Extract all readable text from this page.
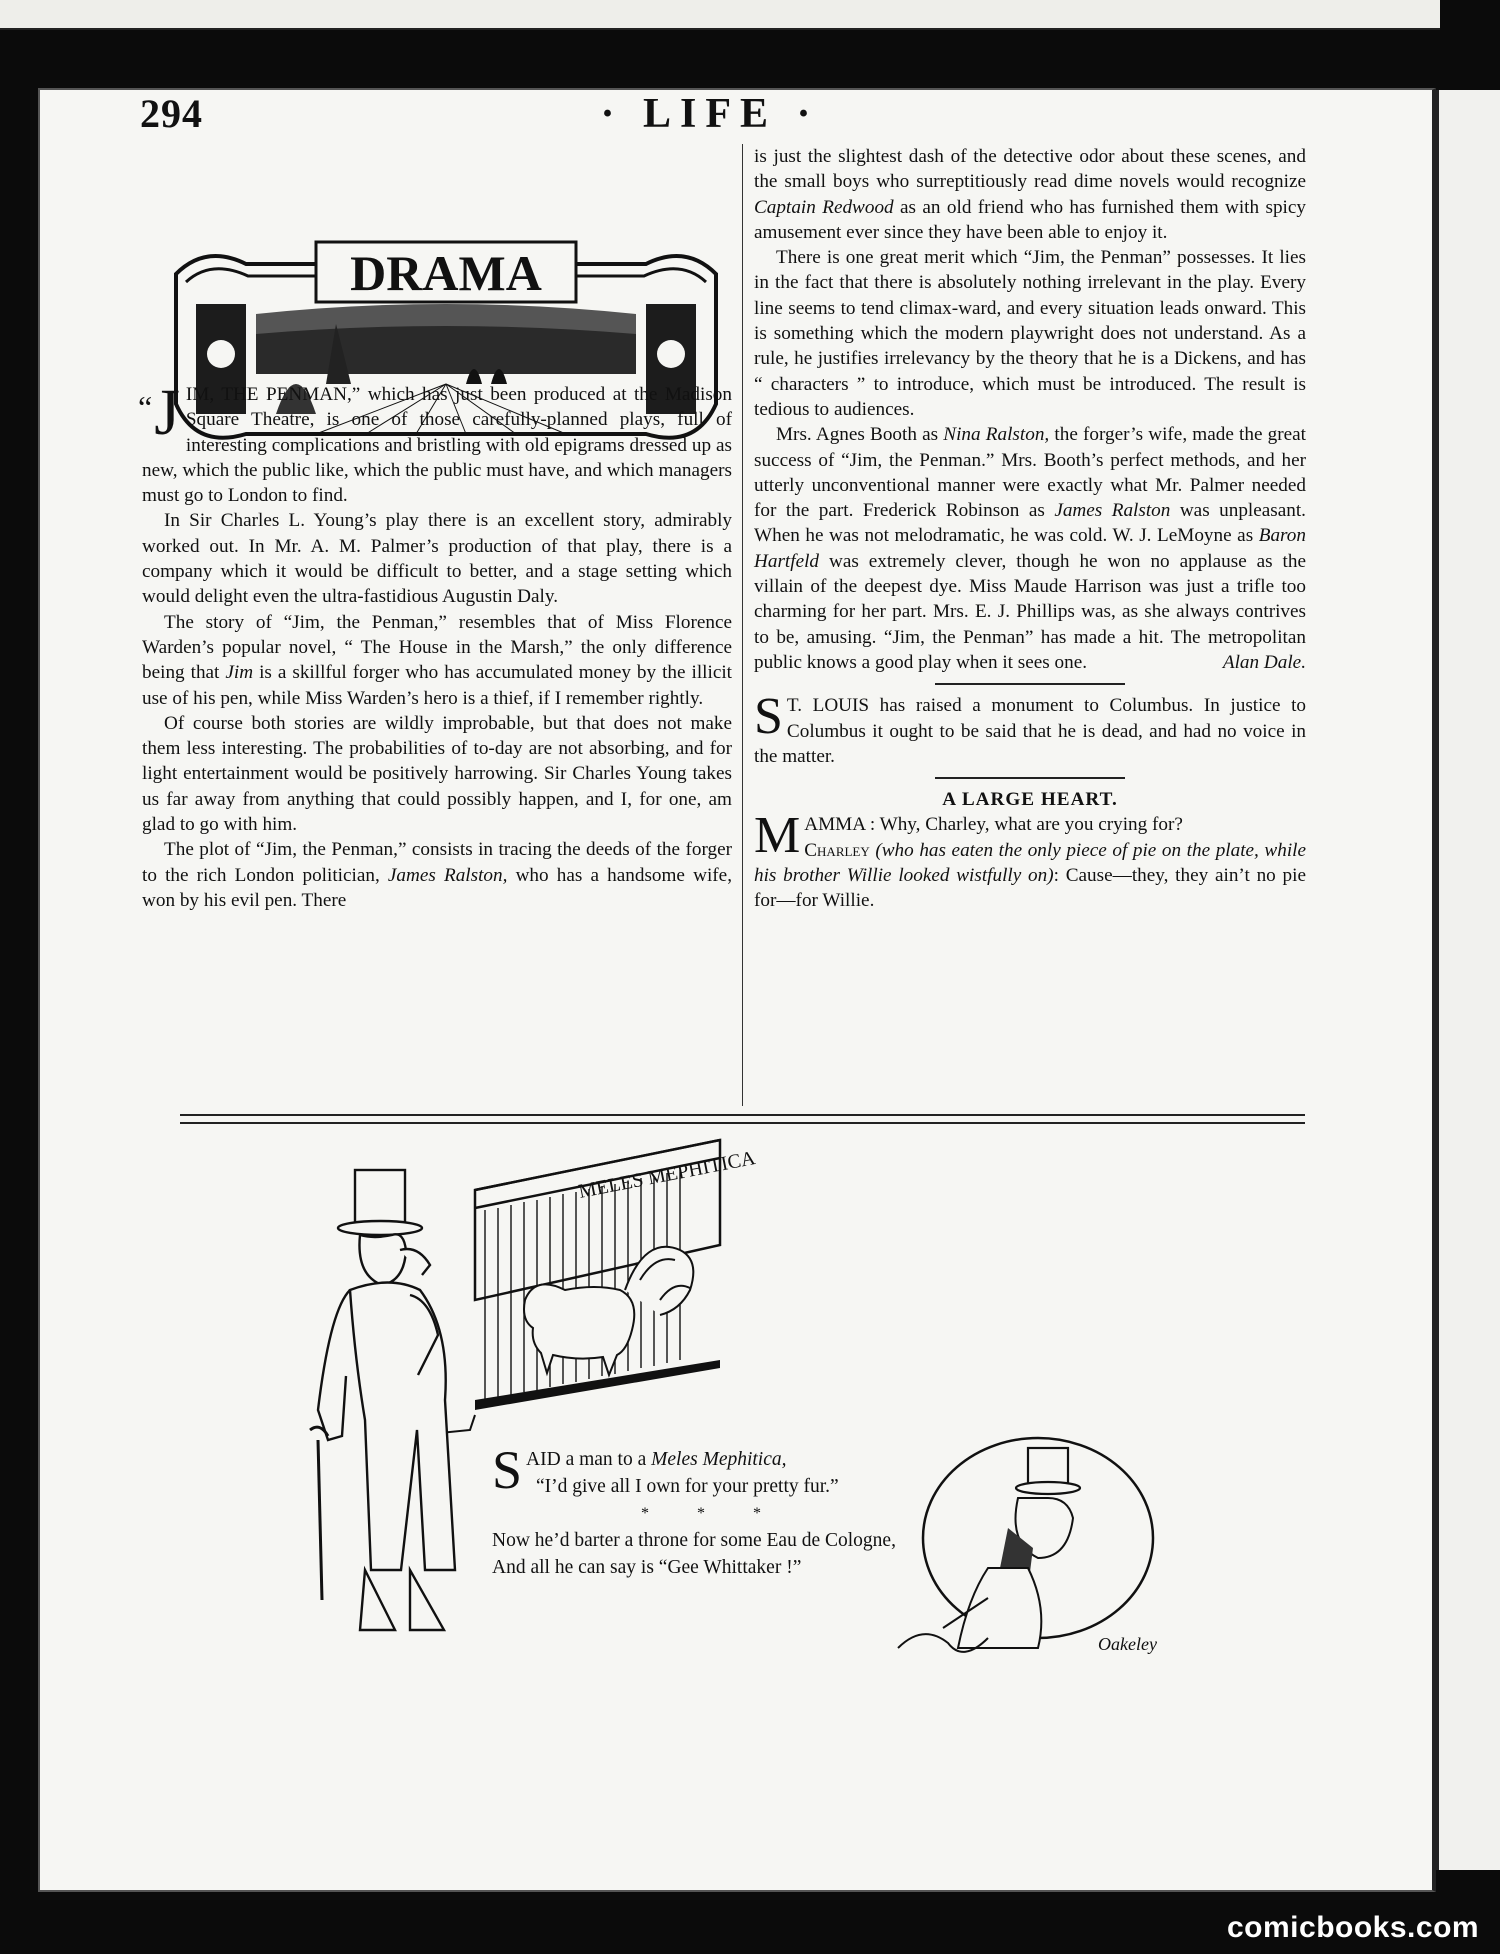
294	· LIFE ·
DRAMA

“ J IM, THE PENMAN,” which has just been produced at the Madison Square Theatre, is one of those carefully-planned plays, full of interesting complications and bristling with old epigrams dressed up as new, which the public like, which the public must have, and which managers must go to London to find.

In Sir Charles L. Young’s play there is an excellent story, admirably worked out. In Mr. A. M. Palmer’s production of that play, there is a company which it would be difficult to better, and a stage setting which would delight even the ultra-fastidious Augustin Daly.

The story of “Jim, the Penman,” resembles that of Miss Florence Warden’s popular novel, “ The House in the Marsh,” the only difference being that Jim is a skillful forger who has accumulated money by the illicit use of his pen, while Miss Warden’s hero is a thief, if I remember rightly.

Of course both stories are wildly improbable, but that does not make them less interesting. The probabilities of to-day are not absorbing, and for light entertainment would be positively harrowing. Sir Charles Young takes us far away from anything that could possibly happen, and I, for one, am glad to go with him.

The plot of “Jim, the Penman,” consists in tracing the deeds of the forger to the rich London politician, James Ralston, who has a handsome wife, won by his evil pen. There

is just the slightest dash of the detective odor about these scenes, and the small boys who surreptitiously read dime novels would recognize Captain Redwood as an old friend who has furnished them with spicy amusement ever since they have been able to enjoy it.

There is one great merit which “Jim, the Penman” possesses. It lies in the fact that there is absolutely nothing irrelevant in the play. Every line seems to tend climax-ward, and every situation leads onward. This is something which the modern playwright does not understand. As a rule, he justifies irrelevancy by the theory that he is a Dickens, and has “ characters ” to introduce, which must be introduced. The result is tedious to audiences.

Mrs. Agnes Booth as Nina Ralston, the forger’s wife, made the great success of “Jim, the Penman.” Mrs. Booth’s perfect methods, and her utterly unconventional manner were exactly what Mr. Palmer needed for the part. Frederick Robinson as James Ralston was unpleasant. When he was not melodramatic, he was cold. W. J. LeMoyne as Baron Hartfeld was extremely clever, though he won no applause as the villain of the deepest dye. Miss Maude Harrison was just a trifle too charming for her part. Mrs. E. J. Phillips was, as she always contrives to be, amusing. “Jim, the Penman” has made a hit. The metropolitan public knows a good play when it sees one.	Alan Dale.

S T. LOUIS has raised a monument to Columbus. In justice to Columbus it ought to be said that he is dead, and had no voice in the matter.

A LARGE HEART.

MAMMA : Why, Charley, what are you crying for?

Charley (who has eaten the only piece of pie on the plate, while his brother Willie looked wistfully on): Cause—they, they ain’t no pie for—for Willie.

MELES MEPHITICA
Oakeley

SAID a man to a Meles Mephitica,

“I’d give all I own for your pretty fur.”

* * *

Now he’d barter a throne for some Eau de Cologne,

And all he can say is “Gee Whittaker !”

comicbooks.com
